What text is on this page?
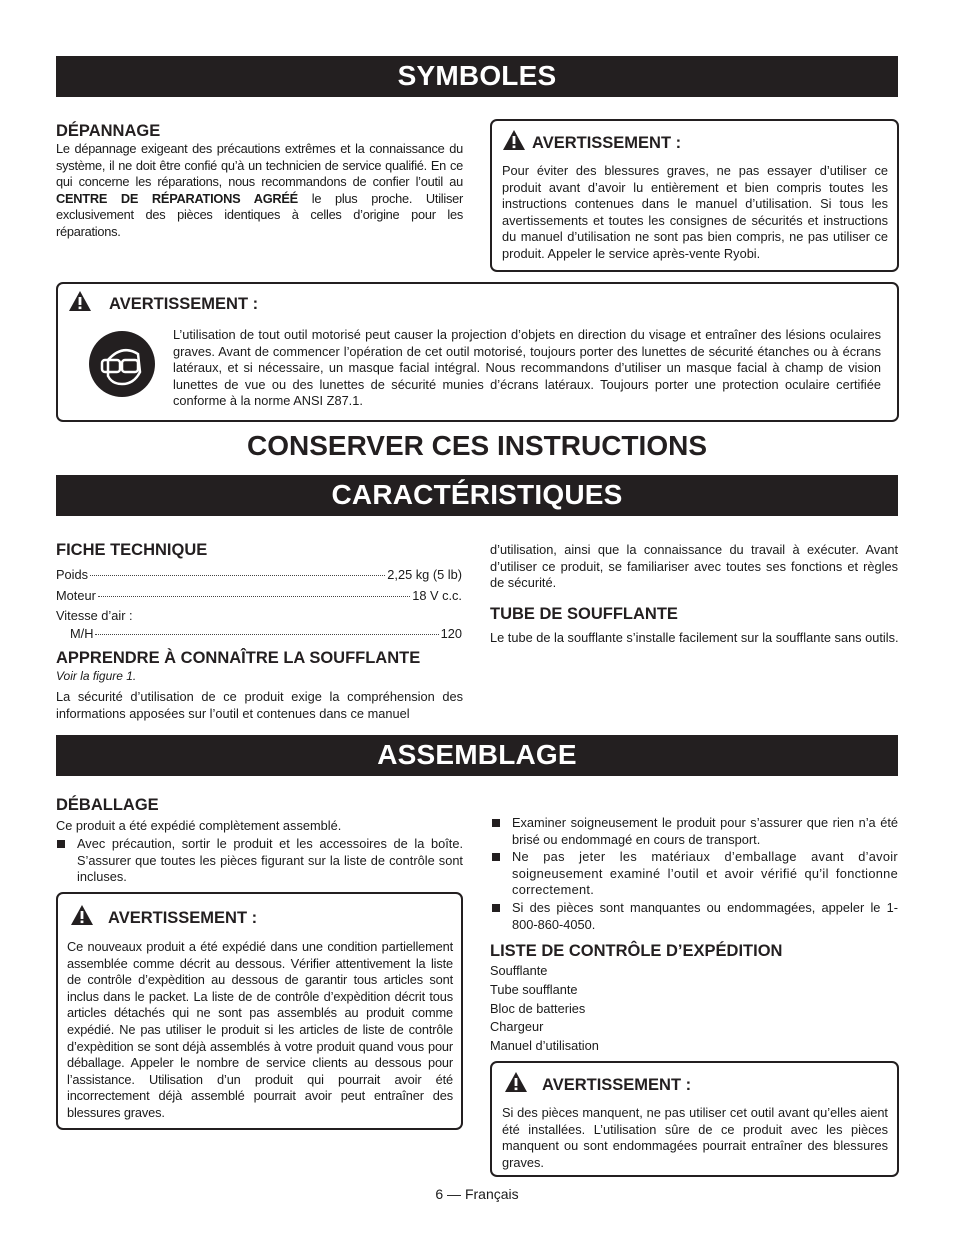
SYMBOLES
DÉPANNAGE

Le dépannage exigeant des précautions extrêmes et la connaissance du système, il ne doit être confié qu’à un technicien de service qualifié. En ce qui concerne les réparations, nous recommandons de confier l’outil au CENTRE DE RÉPARATIONS AGRÉÉ le plus proche. Utiliser exclusivement des pièces identiques à celles d’origine pour les réparations.

AVERTISSEMENT :

Pour éviter des blessures graves, ne pas essayer d’utiliser ce produit avant d’avoir lu entièrement et bien compris toutes les instructions contenues dans le manuel d’utilisation. Si tous les avertissements et toutes les consignes de sécurités et instructions du manuel d’utilisation ne sont pas bien compris, ne pas utiliser ce produit. Appeler le service après-vente Ryobi.

AVERTISSEMENT :

L’utilisation de tout outil motorisé peut causer la projection d’objets en direction du visage et entraîner des lésions oculaires graves. Avant de commencer l’opération de cet outil motorisé, toujours porter des lunettes de sécurité étanches ou à écrans latéraux, et si nécessaire, un masque facial intégral. Nous recommandons d’utiliser un masque facial à champ de vision lunettes de vue ou des lunettes de sécurité munies d’écrans latéraux. Toujours porter une protection oculaire certifiée conforme à la norme ANSI Z87.1.

CONSERVER CES INSTRUCTIONS
CARACTÉRISTIQUES
FICHE TECHNIQUE
Poids	2,25 kg (5 lb)
Moteur	18 V c.c.
Vitesse d’air :
M/H	120
APPRENDRE À CONNAÎTRE LA SOUFFLANTE
Voir la figure 1.

La sécurité d’utilisation de ce produit exige la compréhension des informations apposées sur l’outil et contenues dans ce manuel

d’utilisation, ainsi que la connaissance du travail à exécuter. Avant d’utiliser ce produit, se familiariser avec toutes ses fonctions et règles de sécurité.

TUBE DE SOUFFLANTE

Le tube de la soufflante s’installe facilement sur la soufflante sans outils.

ASSEMBLAGE
DÉBALLAGE
Ce produit a été expédié complètement assemblé.

Avec précaution, sortir le produit et les accessoires de la boîte. S’assurer que toutes les pièces figurant sur la liste de contrôle sont incluses.

AVERTISSEMENT :

Ce nouveaux produit a été expédié dans une condition partiellement assemblée comme décrit au dessous. Vérifier attentivement la liste de contrôle d’expèdition au dessous de garantir tous articles sont inclus dans le packet. La liste de de contrôle d’expèdition décrit tous articles détachés qui ne sont pas assemblés au produit comme expédié. Ne pas utiliser le produit si les articles de liste de contrôle d’expèdition se sont déjà assemblés à votre produit quand vous pour déballage. Appeler le nombre de service clients au dessous pour l’assistance. Utilisation d’un produit qui pourrait avoir été incorrectement déjà assemblé pourrait avoir peut entraîner des blessures graves.

Examiner soigneusement le produit pour s’assurer que rien n’a été brisé ou endommagé en cours de transport.

Ne pas jeter les matériaux d’emballage avant d’avoir soigneusement examiné l’outil et avoir vérifié qu’il fonctionne correctement.

Si des pièces sont manquantes ou endommagées, appeler le 1-800-860-4050.

LISTE DE CONTRÔLE D’EXPÉDITION
Soufflante
Tube soufflante
Bloc de batteries
Chargeur
Manuel d’utilisation
AVERTISSEMENT :

Si des pièces manquent, ne pas utiliser cet outil avant qu’elles aient été installées. L’utilisation sûre de ce produit avec les pièces manquent ou sont endommagées pourrait entraîner des blessures graves.

6 — Français
